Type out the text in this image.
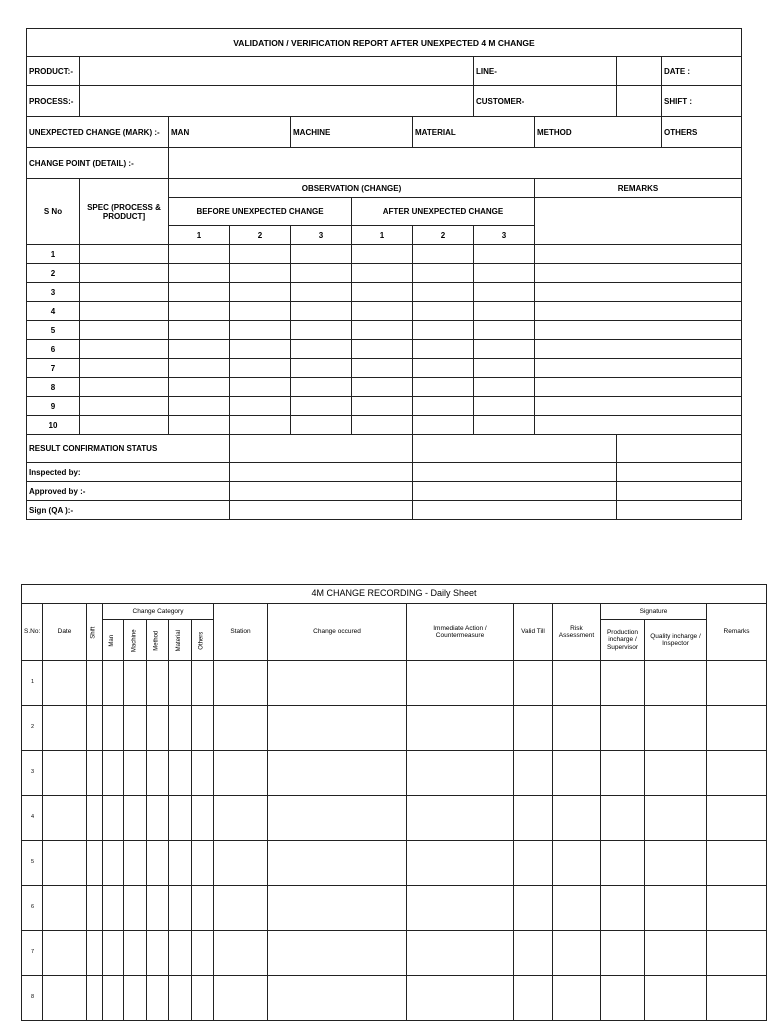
VALIDATION / VERIFICATION REPORT AFTER UNEXPECTED 4 M CHANGE										
PRODUCT:-							LINE-			DATE :
PROCESS:-							CUSTOMER-			SHIFT :
UNEXPECTED CHANGE (MARK) :-		MAN		MACHINE		MATERIAL		METHOD		OTHERS
CHANGE POINT (DETAIL) :-										
S No	SPEC (PROCESS & PRODUCT]	OBSERVATION (CHANGE)						REMARKS		
		BEFORE UNEXPECTED CHANGE			AFTER UNEXPECTED CHANGE					
		1	2	3	1	2	3			
1										
2										
3										
4										
5										
6										
7										
8										
9										
10										
RESULT CONFIRMATION STATUS										
Inspected by:										
Approved by :-										
Sign (QA ):-										
4M CHANGE RECORDING - Daily Sheet															
S.No:	Date	Shift	Change Category					Station	Change occured	Immediate Action / Countermeasure	Valid Till	Risk Assessment	Signature		Remarks
			Man	Machine	Method	Material	Others						Production incharge / Supervisor	Quality incharge / Inspector	
1															
2															
3															
4															
5															
6															
7															
8															
